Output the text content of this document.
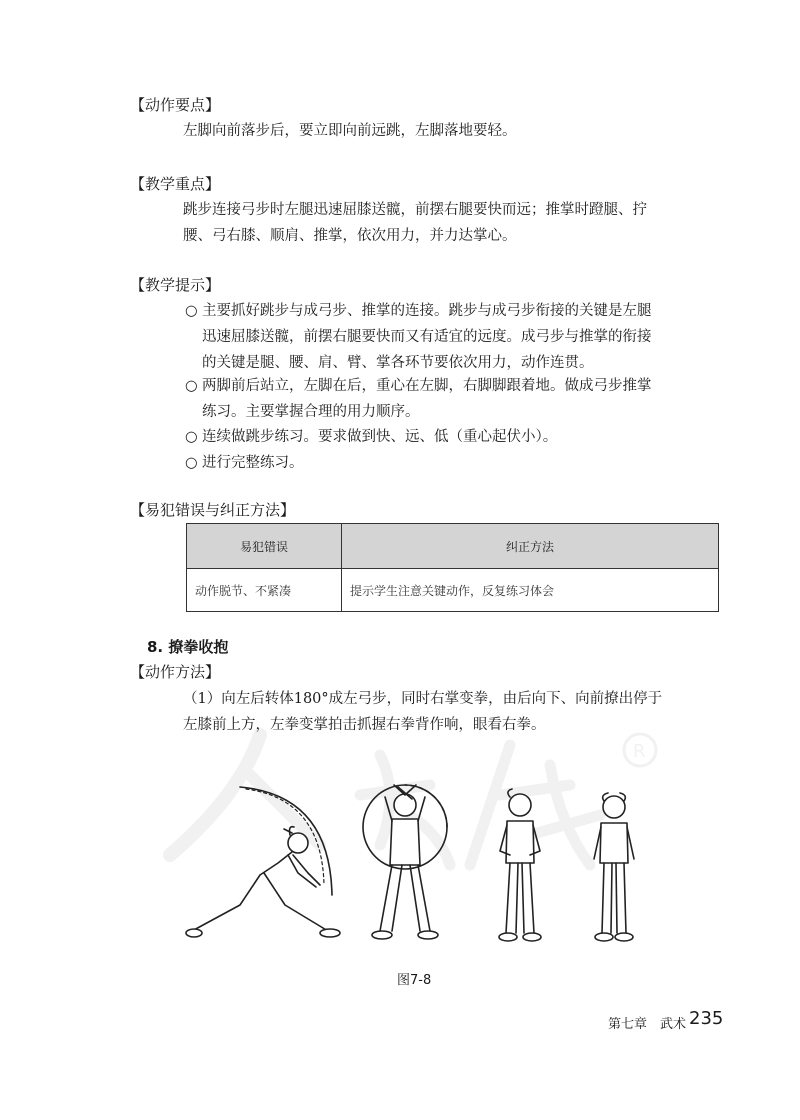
【动作要点】
左脚向前落步后，要立即向前远跳，左脚落地要轻。
【教学重点】
跳步连接弓步时左腿迅速屈膝送髋，前摆右腿要快而远；推掌时蹬腿、拧
腰、弓右膝、顺肩、推掌，依次用力，并力达掌心。
【教学提示】
○ 主要抓好跳步与成弓步、推掌的连接。跳步与成弓步衔接的关键是左腿
迅速屈膝送髋，前摆右腿要快而又有适宜的远度。成弓步与推掌的衔接
的关键是腿、腰、肩、臂、掌各环节要依次用力，动作连贯。
○ 两脚前后站立，左脚在后，重心在左脚，右脚脚跟着地。做成弓步推掌
练习。主要掌握合理的用力顺序。
○ 连续做跳步练习。要求做到快、远、低（重心起伏小）。
○ 进行完整练习。
【易犯错误与纠正方法】
易犯错误	纠正方法
动作脱节、不紧凑	提示学生注意关键动作，反复练习体会
8. 撩拳收抱
【动作方法】
（1）向左后转体180°成左弓步，同时右掌变拳，由后向下、向前撩出停于
左膝前上方，左拳变掌拍击抓握右拳背作响，眼看右拳。
R
图7-8
第七章　武术 235
